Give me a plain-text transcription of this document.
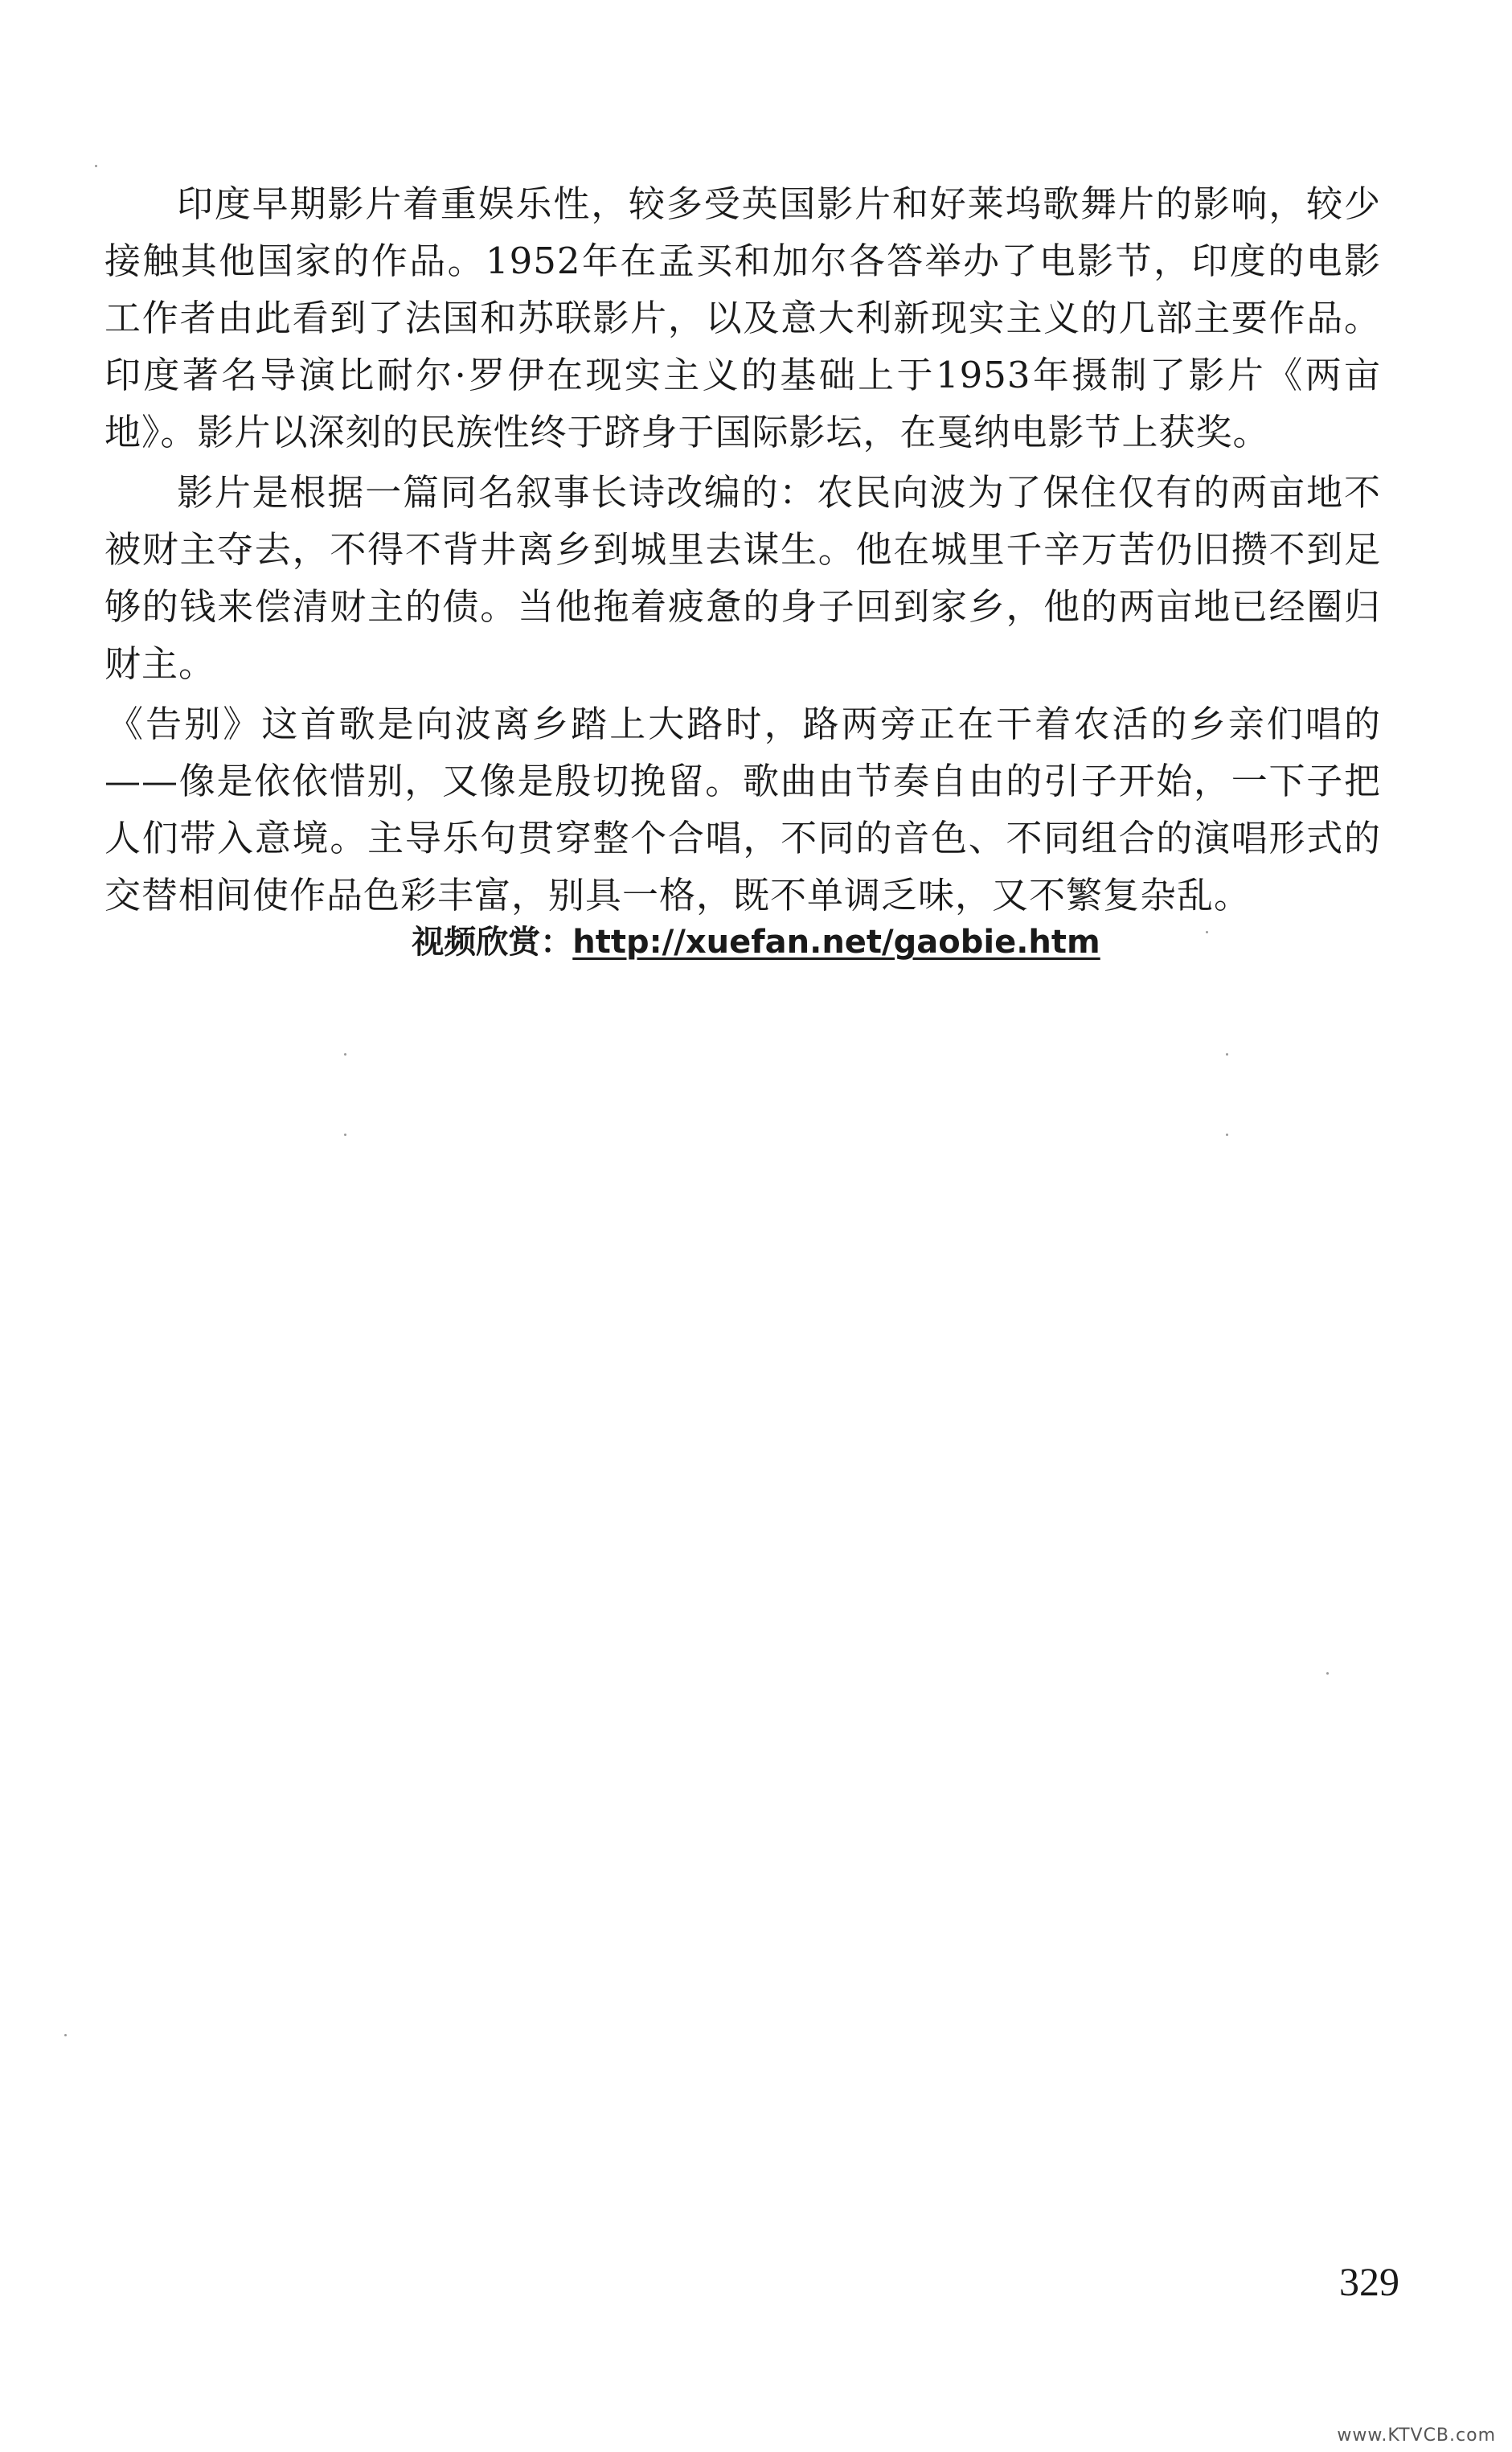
印度早期影片着重娱乐性，较多受英国影片和好莱坞歌舞片的影响，较少接触其他国家的作品。1952年在孟买和加尔各答举办了电影节，印度的电影工作者由此看到了法国和苏联影片，以及意大利新现实主义的几部主要作品。印度著名导演比耐尔·罗伊在现实主义的基础上于1953年摄制了影片《两亩地》。影片以深刻的民族性终于跻身于国际影坛，在戛纳电影节上获奖。

影片是根据一篇同名叙事长诗改编的：农民向波为了保住仅有的两亩地不被财主夺去，不得不背井离乡到城里去谋生。他在城里千辛万苦仍旧攒不到足够的钱来偿清财主的债。当他拖着疲惫的身子回到家乡，他的两亩地已经圈归财主。

《告别》这首歌是向波离乡踏上大路时，路两旁正在干着农活的乡亲们唱的——像是依依惜别，又像是殷切挽留。歌曲由节奏自由的引子开始，一下子把人们带入意境。主导乐句贯穿整个合唱，不同的音色、不同组合的演唱形式的交替相间使作品色彩丰富，别具一格，既不单调乏味，又不繁复杂乱。

视频欣赏：http://xuefan.net/gaobie.htm
329
www.KTVCB.com
